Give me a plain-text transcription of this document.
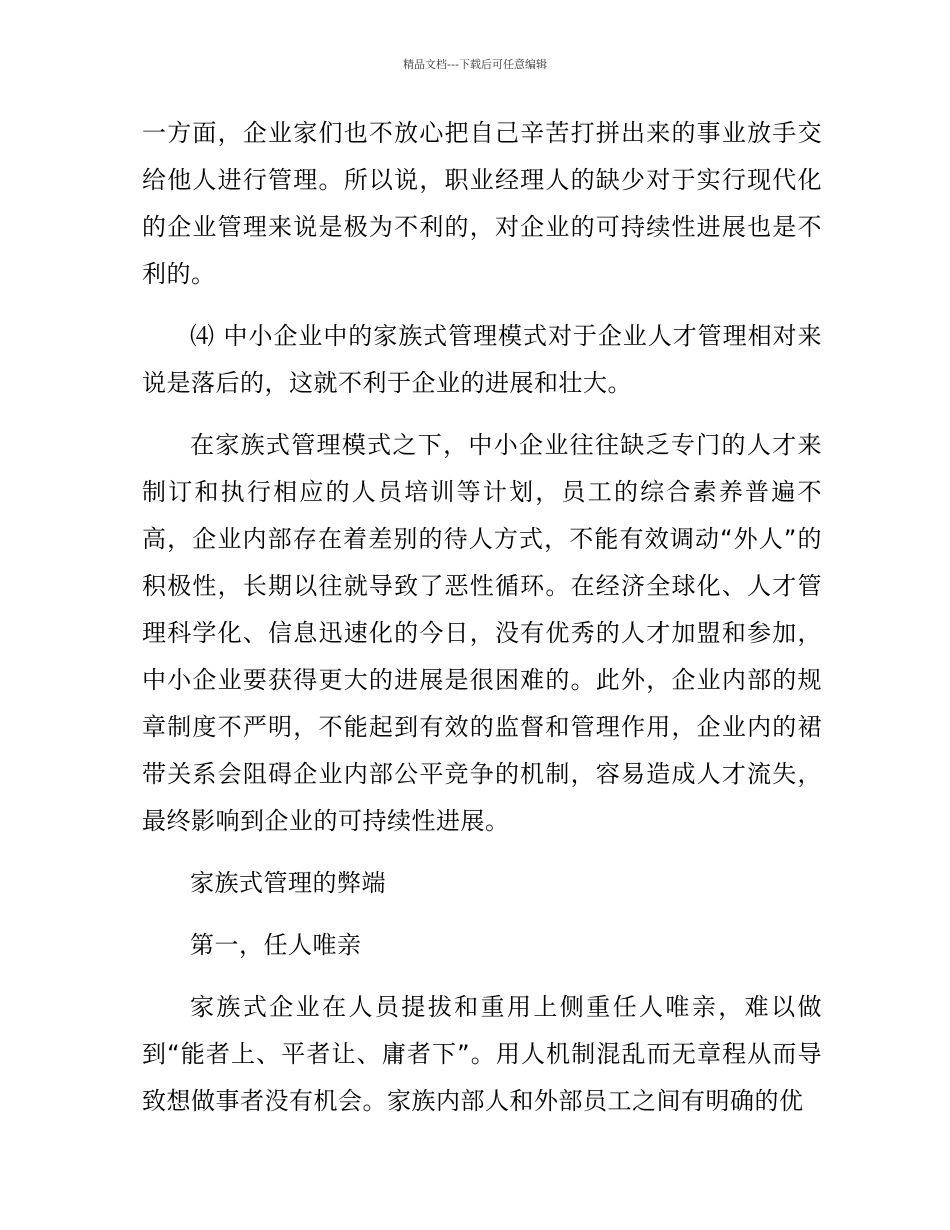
精品文档---下载后可任意编辑

一方面，企业家们也不放心把自己辛苦打拼出来的事业放手交给他人进行管理。所以说，职业经理人的缺少对于实行现代化的企业管理来说是极为不利的，对企业的可持续性进展也是不利的。

⑷ 中小企业中的家族式管理模式对于企业人才管理相对来说是落后的，这就不利于企业的进展和壮大。

在家族式管理模式之下，中小企业往往缺乏专门的人才来制订和执行相应的人员培训等计划，员工的综合素养普遍不高，企业内部存在着差别的待人方式，不能有效调动“外人”的积极性，长期以往就导致了恶性循环。在经济全球化、人才管理科学化、信息迅速化的今日，没有优秀的人才加盟和参加，中小企业要获得更大的进展是很困难的。此外，企业内部的规章制度不严明，不能起到有效的监督和管理作用，企业内的裙带关系会阻碍企业内部公平竞争的机制，容易造成人才流失，最终影响到企业的可持续性进展。

家族式管理的弊端

第一，任人唯亲

家族式企业在人员提拔和重用上侧重任人唯亲，难以做到“能者上、平者让、庸者下”。用人机制混乱而无章程从而导致想做事者没有机会。家族内部人和外部员工之间有明确的优
